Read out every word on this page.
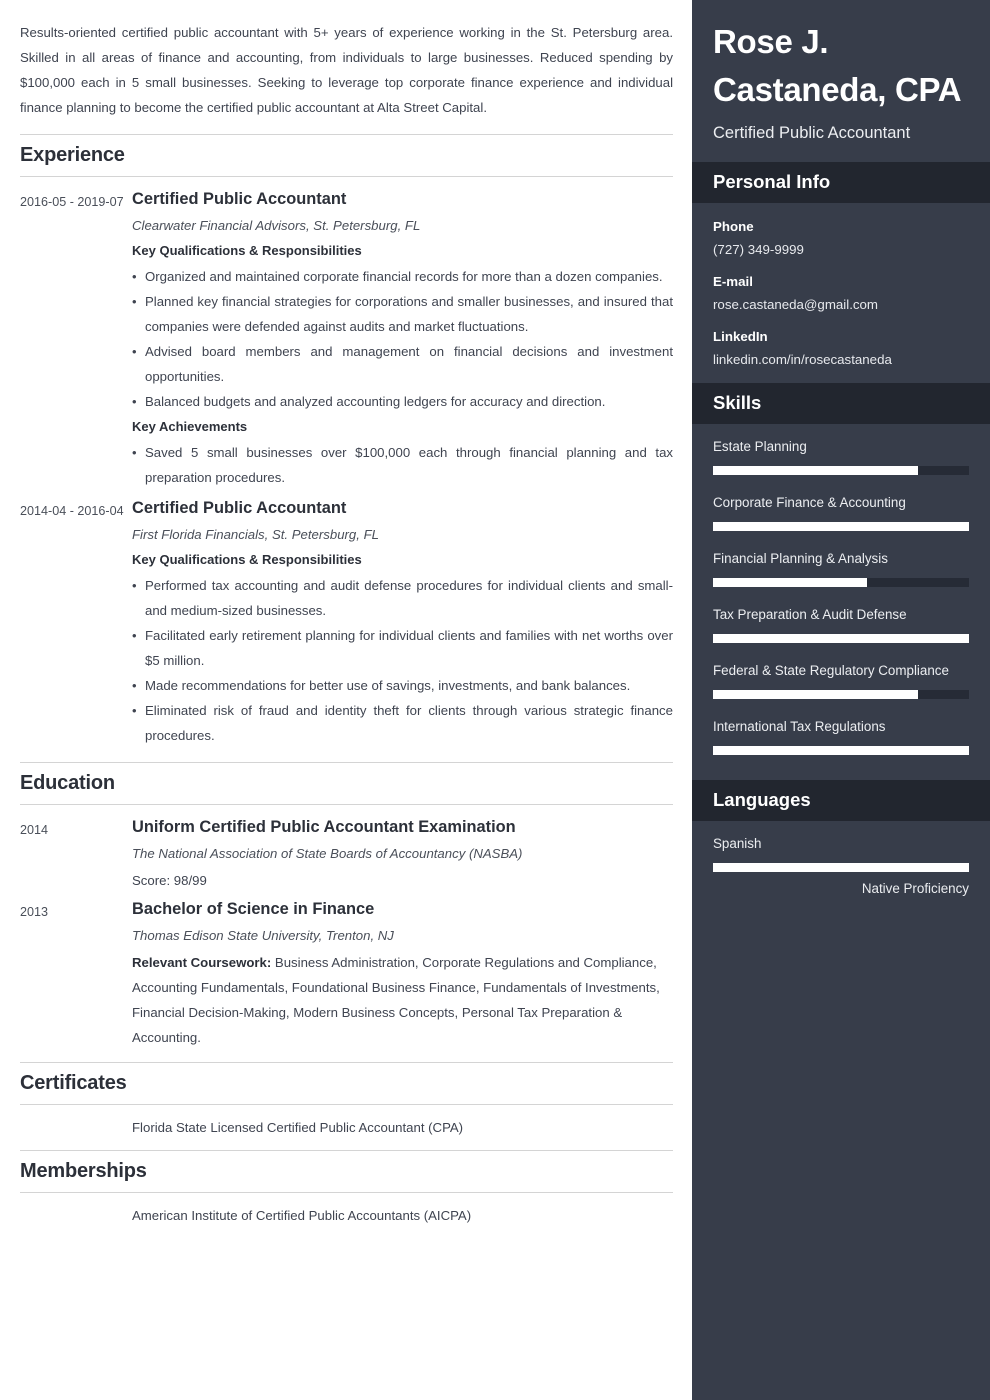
Results-oriented certified public accountant with 5+ years of experience working in the St. Petersburg area. Skilled in all areas of finance and accounting, from individuals to large businesses. Reduced spending by $100,000 each in 5 small businesses. Seeking to leverage top corporate finance experience and individual finance planning to become the certified public accountant at Alta Street Capital.
Experience
2016-05 - 2019-07 Certified Public Accountant
Clearwater Financial Advisors, St. Petersburg, FL
Key Qualifications & Responsibilities
• Organized and maintained corporate financial records for more than a dozen companies.
• Planned key financial strategies for corporations and smaller businesses, and insured that companies were defended against audits and market fluctuations.
• Advised board members and management on financial decisions and investment opportunities.
• Balanced budgets and analyzed accounting ledgers for accuracy and direction.
Key Achievements
• Saved 5 small businesses over $100,000 each through financial planning and tax preparation procedures.
2014-04 - 2016-04 Certified Public Accountant
First Florida Financials, St. Petersburg, FL
Key Qualifications & Responsibilities
• Performed tax accounting and audit defense procedures for individual clients and small- and medium-sized businesses.
• Facilitated early retirement planning for individual clients and families with net worths over $5 million.
• Made recommendations for better use of savings, investments, and bank balances.
• Eliminated risk of fraud and identity theft for clients through various strategic finance procedures.
Education
2014	Uniform Certified Public Accountant Examination
The National Association of State Boards of Accountancy (NASBA)
Score: 98/99
2013	Bachelor of Science in Finance
Thomas Edison State University, Trenton, NJ
Relevant Coursework: Business Administration, Corporate Regulations and Compliance, Accounting Fundamentals, Foundational Business Finance, Fundamentals of Investments, Financial Decision-Making, Modern Business Concepts, Personal Tax Preparation & Accounting.
Certificates
Florida State Licensed Certified Public Accountant (CPA)
Memberships
American Institute of Certified Public Accountants (AICPA)
Rose J. Castaneda, CPA
Certified Public Accountant
Personal Info
Phone
(727) 349-9999
E-mail
rose.castaneda@gmail.com
LinkedIn
linkedin.com/in/rosecastaneda
Skills
Estate Planning
Corporate Finance & Accounting
Financial Planning & Analysis
Tax Preparation & Audit Defense
Federal & State Regulatory Compliance
International Tax Regulations
Languages
Spanish
Native Proficiency
